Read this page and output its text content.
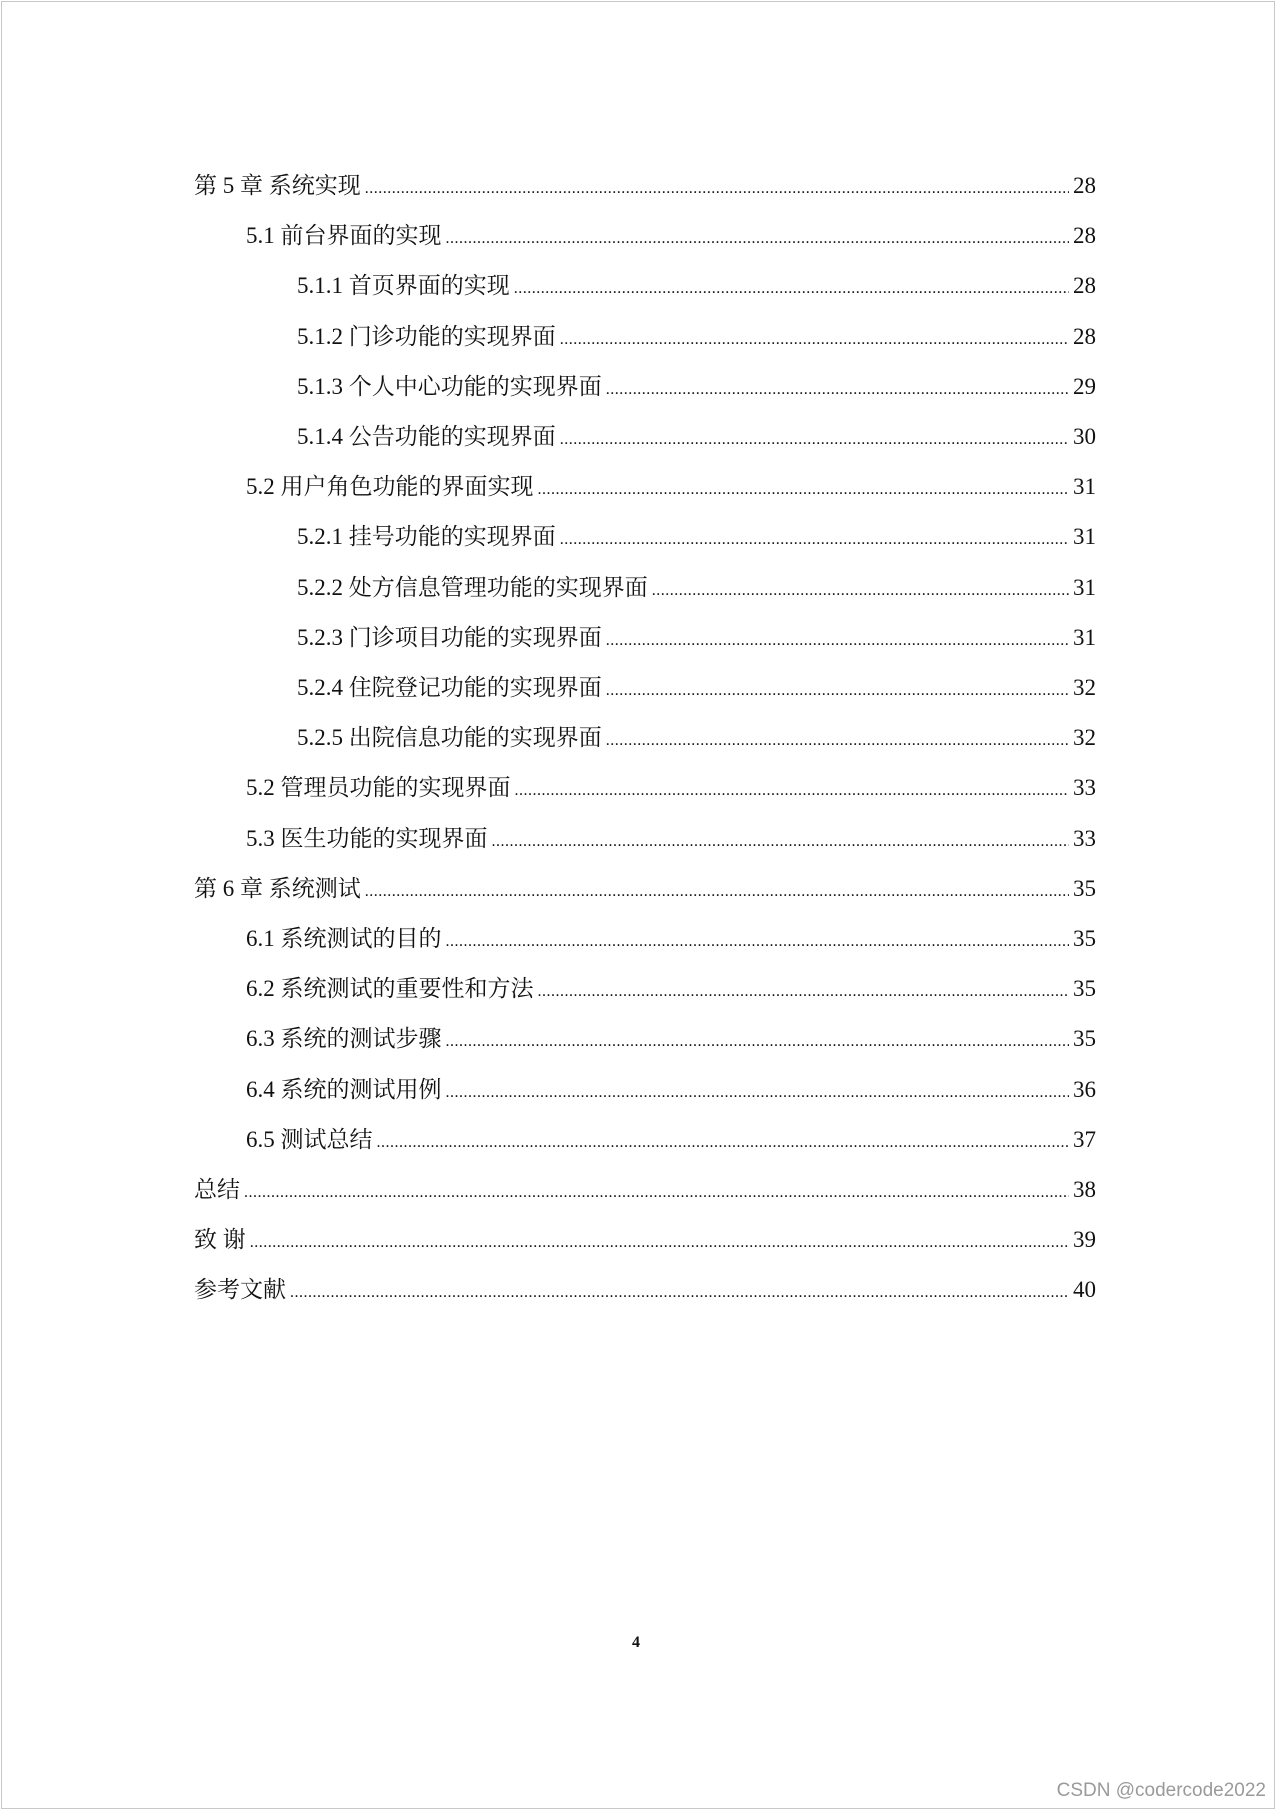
第 5 章 系统实现 .....	28
5.1 前台界面的实现 .....	28
5.1.1 首页界面的实现 .....	28
5.1.2 门诊功能的实现界面 .....	28
5.1.3 个人中心功能的实现界面 .....	29
5.1.4 公告功能的实现界面 .....	30
5.2 用户角色功能的界面实现 .....	31
5.2.1 挂号功能的实现界面 .....	31
5.2.2 处方信息管理功能的实现界面 .....	31
5.2.3 门诊项目功能的实现界面 .....	31
5.2.4 住院登记功能的实现界面 .....	32
5.2.5 出院信息功能的实现界面 .....	32
5.2 管理员功能的实现界面 .....	33
5.3 医生功能的实现界面 .....	33
第 6 章 系统测试 .....	35
6.1 系统测试的目的 .....	35
6.2 系统测试的重要性和方法 .....	35
6.3 系统的测试步骤 .....	35
6.4 系统的测试用例 .....	36
6.5 测试总结 .....	37
总结 .....	38
致 谢 .....	39
参考文献 .....	40
4
CSDN @codercode2022
